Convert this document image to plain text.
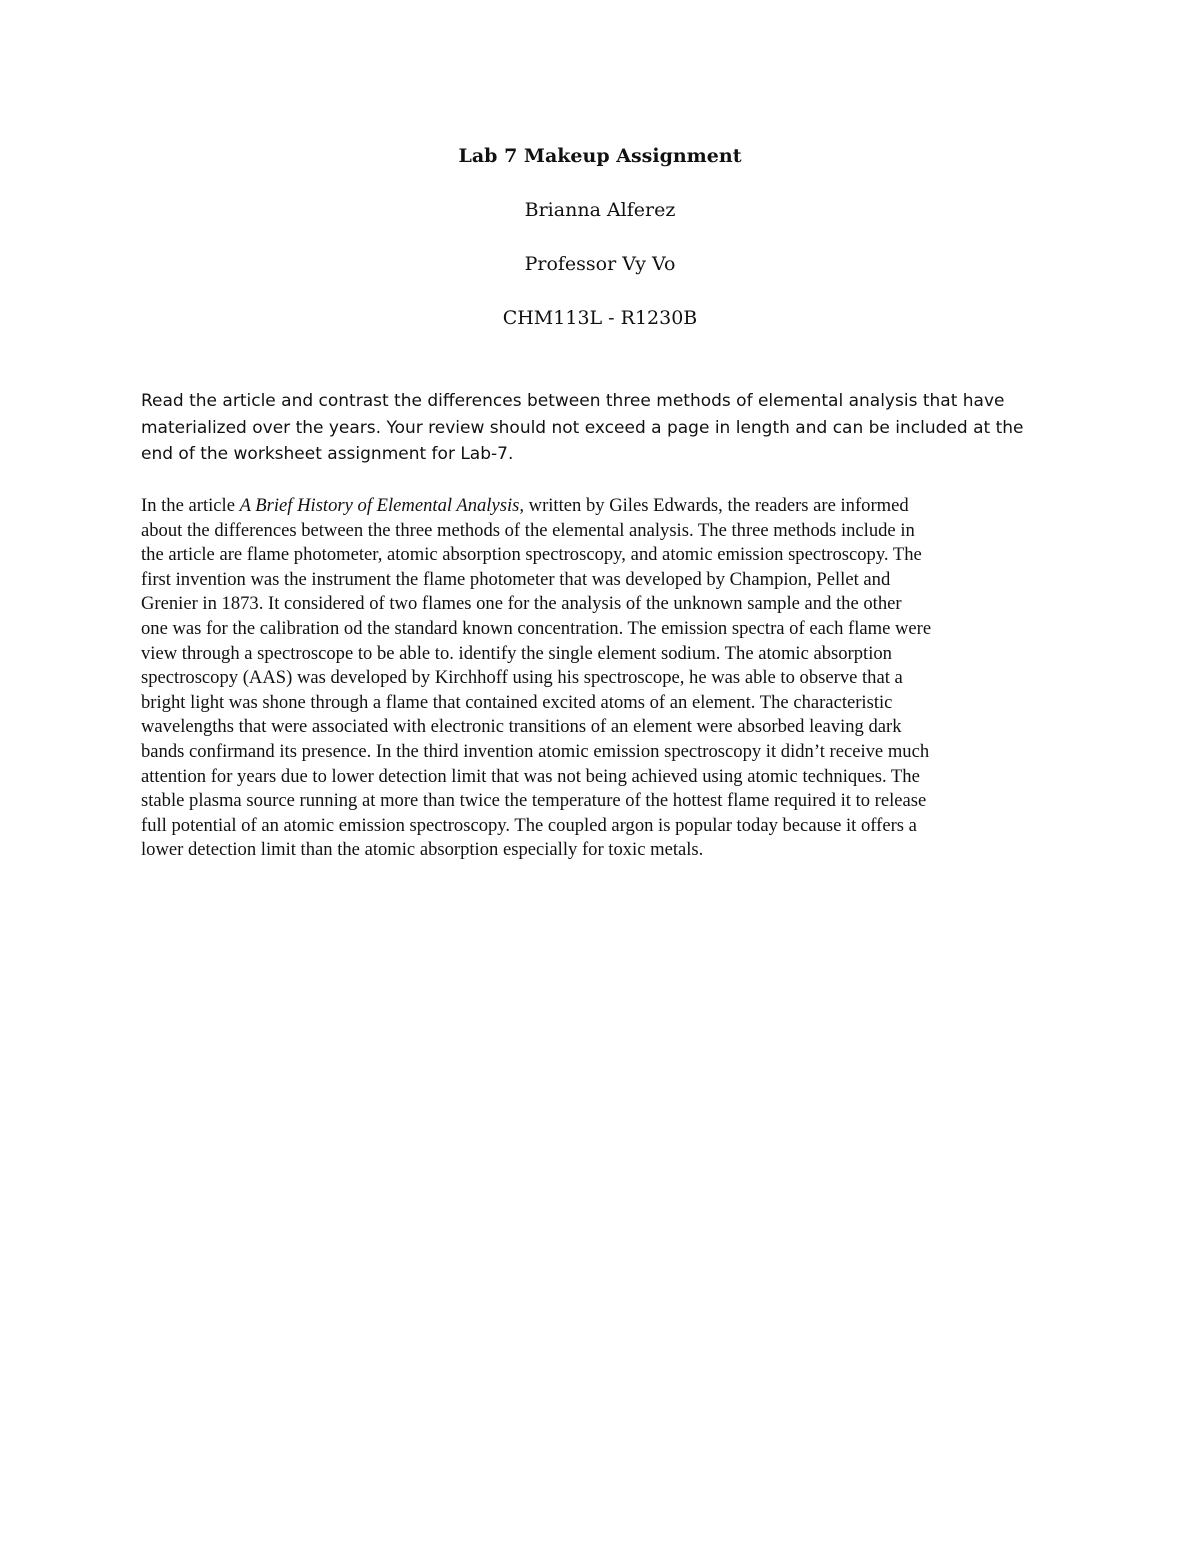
Lab 7 Makeup Assignment
Brianna Alferez
Professor Vy Vo
CHM113L - R1230B
Read the article and contrast the differences between three methods of elemental analysis that have
materialized over the years. Your review should not exceed a page in length and can be included at the
end of the worksheet assignment for Lab-7.
In the article A Brief History of Elemental Analysis, written by Giles Edwards, the readers are informed
about the differences between the three methods of the elemental analysis. The three methods include in
the article are flame photometer, atomic absorption spectroscopy, and atomic emission spectroscopy. The
first invention was the instrument the flame photometer that was developed by Champion, Pellet and
Grenier in 1873. It considered of two flames one for the analysis of the unknown sample and the other
one was for the calibration od the standard known concentration. The emission spectra of each flame were
view through a spectroscope to be able to. identify the single element sodium. The atomic absorption
spectroscopy (AAS) was developed by Kirchhoff using his spectroscope, he was able to observe that a
bright light was shone through a flame that contained excited atoms of an element. The characteristic
wavelengths that were associated with electronic transitions of an element were absorbed leaving dark
bands confirmand its presence. In the third invention atomic emission spectroscopy it didn’t receive much
attention for years due to lower detection limit that was not being achieved using atomic techniques. The
stable plasma source running at more than twice the temperature of the hottest flame required it to release
full potential of an atomic emission spectroscopy. The coupled argon is popular today because it offers a
lower detection limit than the atomic absorption especially for toxic metals.
